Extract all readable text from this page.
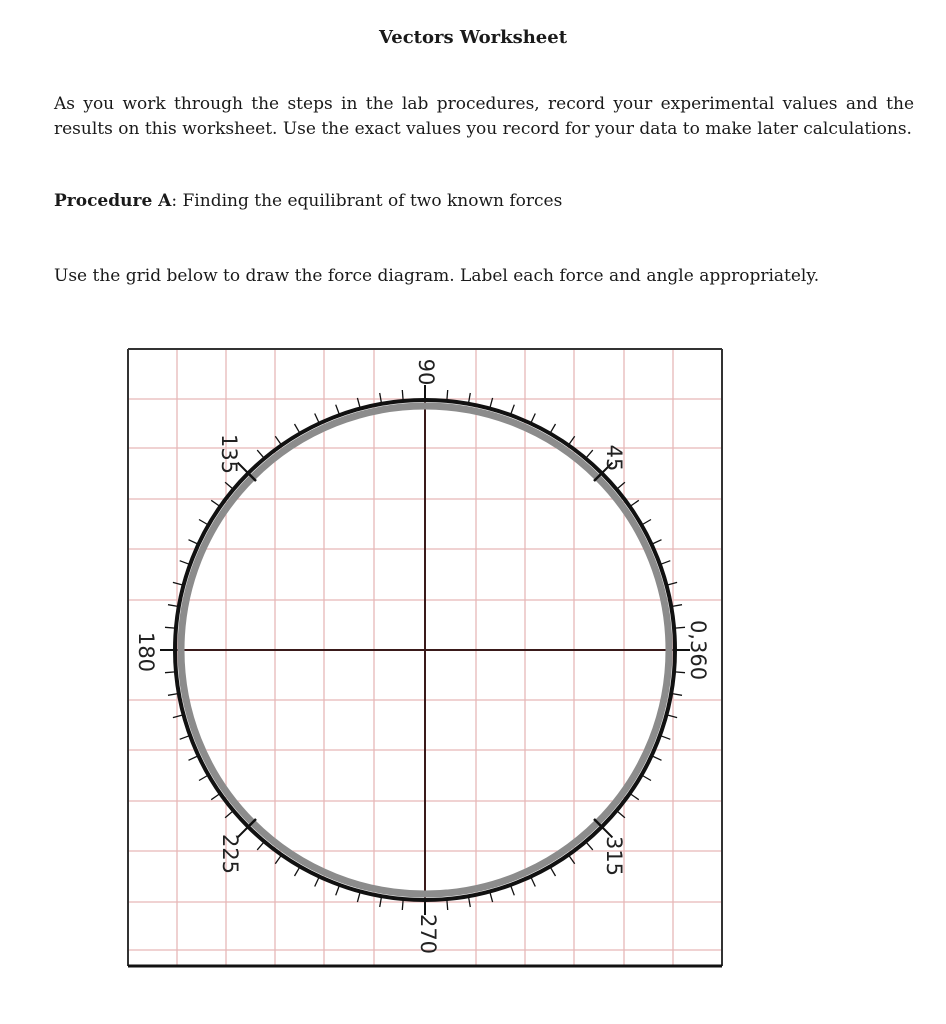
Vectors Worksheet
As you work through the steps in the lab procedures, record your experimental values and the
results on this worksheet. Use the exact values you record for your data to make later calculations.
Procedure A: Finding the equilibrant of two known forces
Use the grid below to draw the force diagram. Label each force and angle appropriately.
0,360
45
90
135
180
225
270
315
